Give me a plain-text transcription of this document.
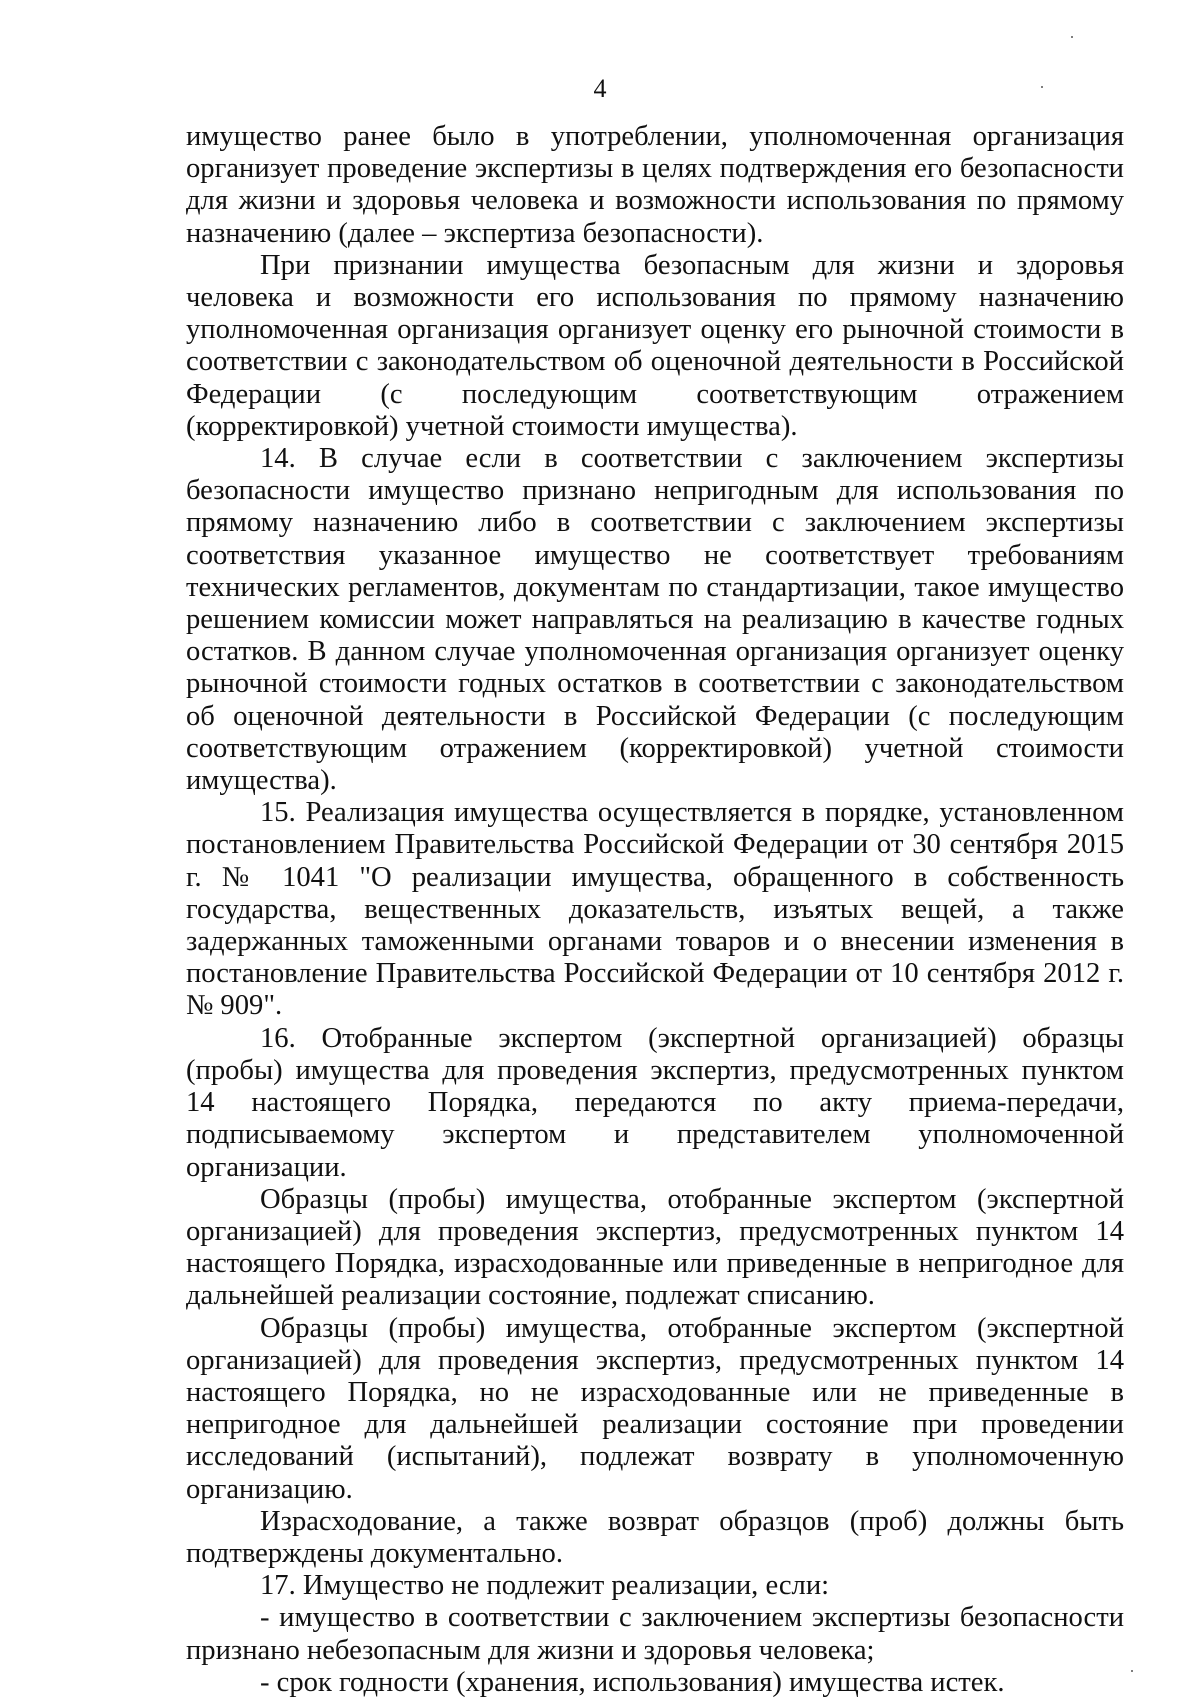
4

имущество ранее было в употреблении, уполномоченная организация организует проведение экспертизы в целях подтверждения его безопасности для жизни и здоровья человека и возможности использования по прямому назначению (далее – экспертиза безопасности).

При признании имущества безопасным для жизни и здоровья человека и возможности его использования по прямому назначению уполномоченная организация организует оценку его рыночной стоимости в соответствии с законодательством об оценочной деятельности в Российской Федерации (с последующим соответствующим отражением (корректировкой) учетной стоимости имущества).

14. В случае если в соответствии с заключением экспертизы безопасности имущество признано непригодным для использования по прямому назначению либо в соответствии с заключением экспертизы соответствия указанное имущество не соответствует требованиям технических регламентов, документам по стандартизации, такое имущество решением комиссии может направляться на реализацию в качестве годных остатков. В данном случае уполномоченная организация организует оценку рыночной стоимости годных остатков в соответствии с законодательством об оценочной деятельности в Российской Федерации (с последующим соответствующим отражением (корректировкой) учетной стоимости имущества).

15. Реализация имущества осуществляется в порядке, установленном постановлением Правительства Российской Федерации от 30 сентября 2015 г. № 1041 "О реализации имущества, обращенного в собственность государства, вещественных доказательств, изъятых вещей, а также задержанных таможенными органами товаров и о внесении изменения в постановление Правительства Российской Федерации от 10 сентября 2012 г. № 909".

16. Отобранные экспертом (экспертной организацией) образцы (пробы) имущества для проведения экспертиз, предусмотренных пунктом 14 настоящего Порядка, передаются по акту приема-передачи, подписываемому экспертом и представителем уполномоченной организации.

Образцы (пробы) имущества, отобранные экспертом (экспертной организацией) для проведения экспертиз, предусмотренных пунктом 14 настоящего Порядка, израсходованные или приведенные в непригодное для дальнейшей реализации состояние, подлежат списанию.

Образцы (пробы) имущества, отобранные экспертом (экспертной организацией) для проведения экспертиз, предусмотренных пунктом 14 настоящего Порядка, но не израсходованные или не приведенные в непригодное для дальнейшей реализации состояние при проведении исследований (испытаний), подлежат возврату в уполномоченную организацию.

Израсходование, а также возврат образцов (проб) должны быть подтверждены документально.

17. Имущество не подлежит реализации, если:

- имущество в соответствии с заключением экспертизы безопасности признано небезопасным для жизни и здоровья человека;

- срок годности (хранения, использования) имущества истек.
